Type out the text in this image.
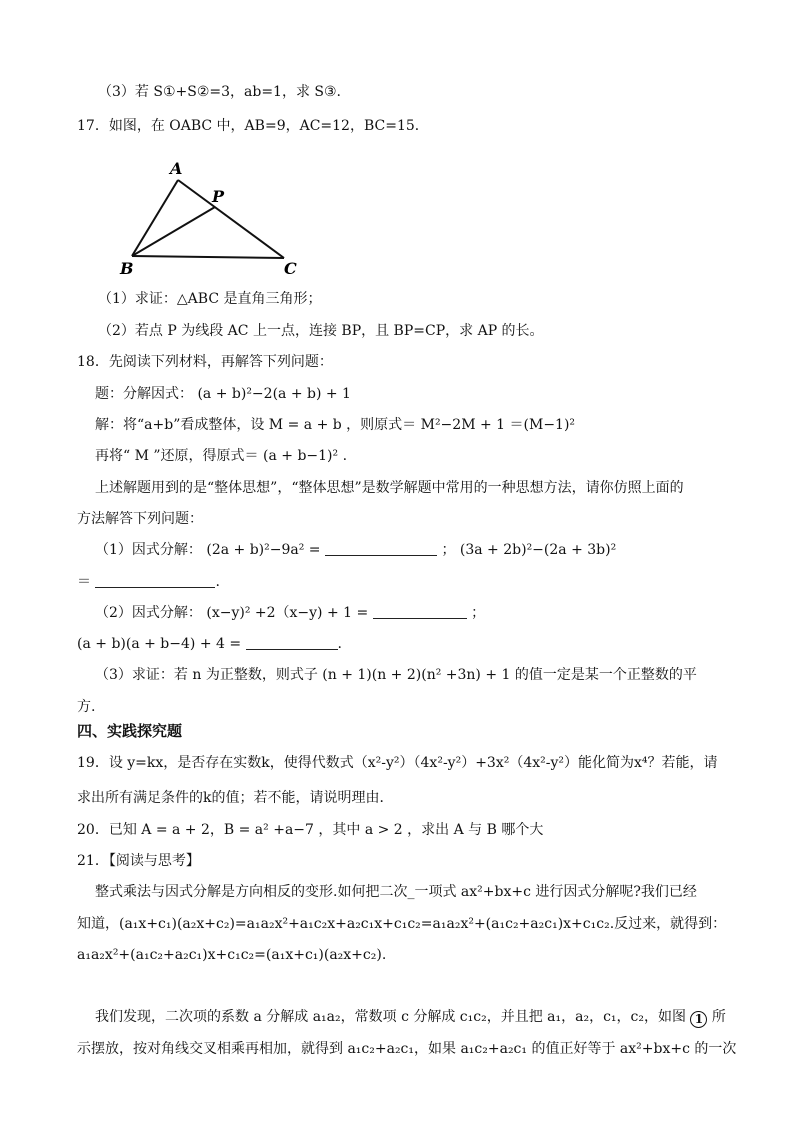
（3）若 S①+S②=3，ab=1，求 S③.
17．如图，在 OABC 中，AB=9，AC=12，BC=15．
A
P
B	C
（1）求证：△ABC 是直角三角形；
（2）若点 P 为线段 AC 上一点，连接 BP，且 BP=CP，求 AP 的长。
18．先阅读下列材料，再解答下列问题：
题：分解因式： (a + b)²−2(a + b) + 1
解：将“a+b”看成整体，设 M = a + b ，则原式＝ M²−2M + 1 ＝(M−1)²
再将“ M ”还原，得原式＝ (a + b−1)² .
上述解题用到的是“整体思想”，“整体思想”是数学解题中常用的一种思想方法，请你仿照上面的
方法解答下列问题：
（1）因式分解： (2a + b)²−9a² =	； (3a + 2b)²−(2a + 3b)²
＝	.
（2）因式分解： (x−y)² +2（x−y) + 1 =	；
(a + b)(a + b−4) + 4 =	.
（3）求证：若 n 为正整数，则式子 (n + 1)(n + 2)(n² +3n) + 1 的值一定是某一个正整数的平
方.
四、实践探究题
19．设 y=kx，是否存在实数k，使得代数式（x²-y²）（4x²-y²）+3x²（4x²-y²）能化简为x⁴？若能，请
求出所有满足条件的k的值；若不能，请说明理由．
20．已知 A = a + 2，B = a² +a−7 ，其中 a > 2 ，求出 A 与 B 哪个大
21．【阅读与思考】
整式乘法与因式分解是方向相反的变形.如何把二次_一项式 ax²+bx+c 进行因式分解呢?我们已经
知道，(a₁x+c₁)(a₂x+c₂)=a₁a₂x²+a₁c₂x+a₂c₁x+c₁c₂=a₁a₂x²+(a₁c₂+a₂c₁)x+c₁c₂.反过来，就得到：
a₁a₂x²+(a₁c₂+a₂c₁)x+c₁c₂=(a₁x+c₁)(a₂x+c₂).
我们发现，二次项的系数 a 分解成 a₁a₂，常数项 c 分解成 c₁c₂，并且把 a₁，a₂，c₁，c₂，如图 1 所
示摆放，按对角线交叉相乘再相加，就得到 a₁c₂+a₂c₁，如果 a₁c₂+a₂c₁ 的值正好等于 ax²+bx+c 的一次
